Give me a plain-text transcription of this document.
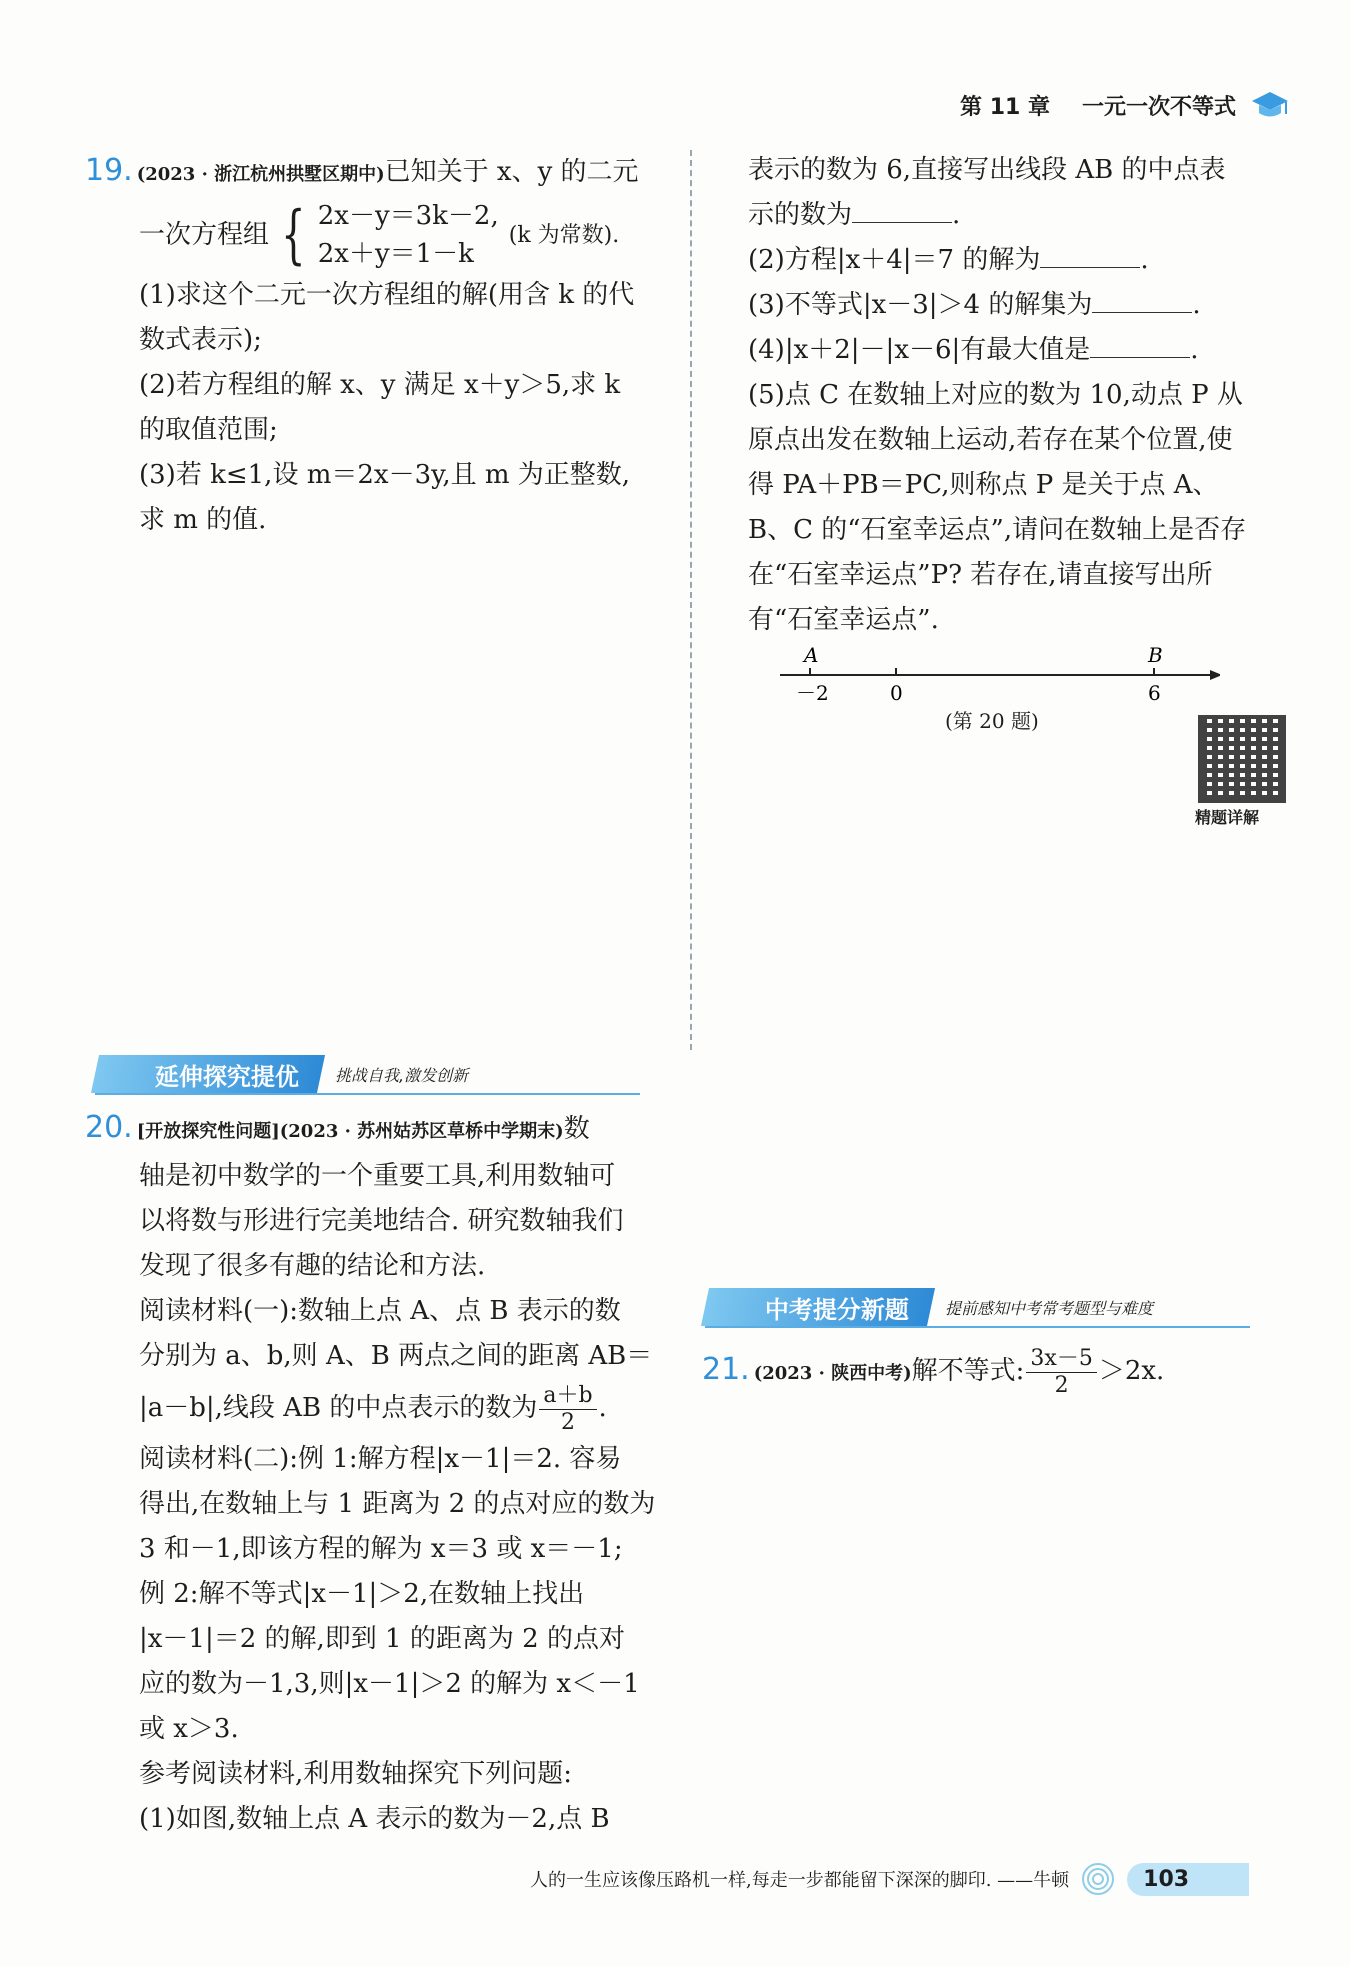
第 11 章 一元一次不等式

19. (2023 · 浙江杭州拱墅区期中)已知关于 x、y 的二元

一次方程组 { 2x－y＝3k－2,
2x＋y＝1－k
(k 为常数).

(1)求这个二元一次方程组的解(用含 k 的代

数式表示);

(2)若方程组的解 x、y 满足 x＋y＞5,求 k

的取值范围;

(3)若 k≤1,设 m＝2x－3y,且 m 为正整数,

求 m 的值.

延伸探究提优 挑战自我,激发创新

20. [开放探究性问题](2023 · 苏州姑苏区草桥中学期末)数

轴是初中数学的一个重要工具,利用数轴可

以将数与形进行完美地结合. 研究数轴我们

发现了很多有趣的结论和方法.

阅读材料(一):数轴上点 A、点 B 表示的数

分别为 a、b,则 A、B 两点之间的距离 AB＝

|a－b|,线段 AB 的中点表示的数为 $\frac{a+b}{2}$ .

阅读材料(二):例 1:解方程|x－1|＝2. 容易

得出,在数轴上与 1 距离为 2 的点对应的数为

3 和－1,即该方程的解为 x＝3 或 x＝－1;

例 2:解不等式|x－1|＞2,在数轴上找出

|x－1|＝2 的解,即到 1 的距离为 2 的点对

应的数为－1,3,则|x－1|＞2 的解为 x＜－1

或 x＞3.

参考阅读材料,利用数轴探究下列问题:

(1)如图,数轴上点 A 表示的数为－2,点 B

表示的数为 6,直接写出线段 AB 的中点表

示的数为	.

(2)方程|x＋4|＝7 的解为	.

(3)不等式|x－3|＞4 的解集为	.

(4)|x＋2|－|x－6|有最大值是	.

(5)点 C 在数轴上对应的数为 10,动点 P 从

原点出发在数轴上运动,若存在某个位置,使

得 PA＋PB＝PC,则称点 P 是关于点 A、

B、C 的“石室幸运点”,请问在数轴上是否存

在“石室幸运点”P? 若存在,请直接写出所

有“石室幸运点”.

A	B
－2	0	6
(第 20 题)
精题详解
中考提分新题 提前感知中考常考题型与难度

21. (2023 · 陕西中考)解不等式: $\frac{3x-5}{2} >2x$.

人的一生应该像压路机一样,每走一步都能留下深深的脚印. ——牛顿	103
